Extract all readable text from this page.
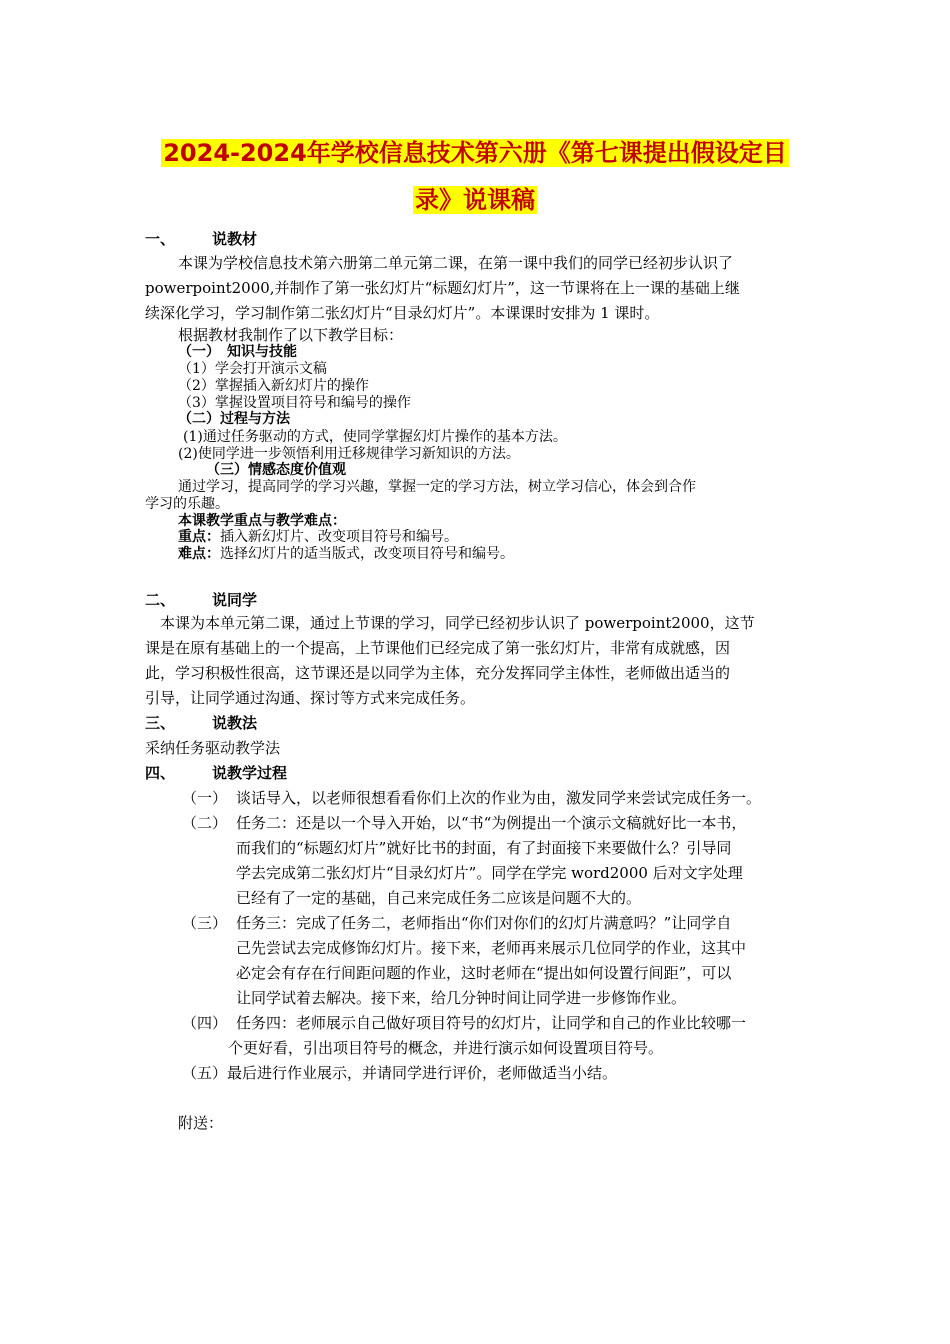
2024-2024年学校信息技术第六册《第七课提出假设定目
录》说课稿
一、 说教材
本课为学校信息技术第六册第二单元第二课，在第一课中我们的同学已经初步认识了
powerpoint2000,并制作了第一张幻灯片“标题幻灯片”，这一节课将在上一课的基础上继
续深化学习，学习制作第二张幻灯片“目录幻灯片”。本课课时安排为 1 课时。
根据教材我制作了以下教学目标：
（一）　知识与技能
（1）学会打开演示文稿
（2）掌握插入新幻灯片的操作
（3）掌握设置项目符号和编号的操作
（二）过程与方法
(1)通过任务驱动的方式，使同学掌握幻灯片操作的基本方法。
(2)使同学进一步领悟利用迁移规律学习新知识的方法。
（三）情感态度价值观
通过学习，提高同学的学习兴趣，掌握一定的学习方法，树立学习信心，体会到合作
学习的乐趣。
本课教学重点与教学难点：
重点：插入新幻灯片、改变项目符号和编号。
难点：选择幻灯片的适当版式，改变项目符号和编号。
二、 说同学
本课为本单元第二课，通过上节课的学习，同学已经初步认识了 powerpoint2000，这节
课是在原有基础上的一个提高，上节课他们已经完成了第一张幻灯片，非常有成就感，因
此，学习积极性很高，这节课还是以同学为主体，充分发挥同学主体性，老师做出适当的
引导，让同学通过沟通、探讨等方式来完成任务。
三、 说教法
采纳任务驱动教学法
四、 说教学过程
（一） 谈话导入，以老师很想看看你们上次的作业为由，激发同学来尝试完成任务一。
（二） 任务二：还是以一个导入开始，以“书“为例提出一个演示文稿就好比一本书，
而我们的“标题幻灯片”就好比书的封面，有了封面接下来要做什么？引导同
学去完成第二张幻灯片“目录幻灯片”。同学在学完 word2000 后对文字处理
已经有了一定的基础，自己来完成任务二应该是问题不大的。
（三） 任务三：完成了任务二，老师指出“你们对你们的幻灯片满意吗？”让同学自
己先尝试去完成修饰幻灯片。接下来，老师再来展示几位同学的作业，这其中
必定会有存在行间距问题的作业，这时老师在“提出如何设置行间距”，可以
让同学试着去解决。接下来，给几分钟时间让同学进一步修饰作业。
（四） 任务四：老师展示自己做好项目符号的幻灯片，让同学和自己的作业比较哪一
个更好看，引出项目符号的概念，并进行演示如何设置项目符号。
（五）最后进行作业展示，并请同学进行评价，老师做适当小结。
附送：
